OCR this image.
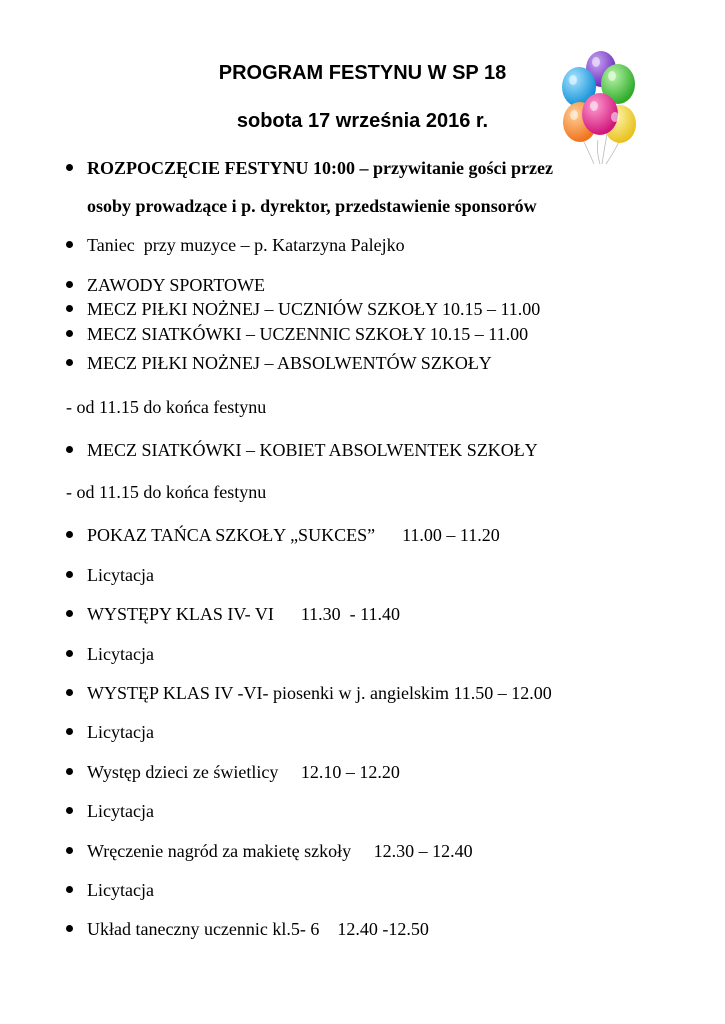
PROGRAM FESTYNU W SP 18
sobota 17 września 2016 r.
ROZPOCZĘCIE FESTYNU 10:00 – przywitanie gości przez
osoby prowadzące i p. dyrektor, przedstawienie sponsorów
Taniec  przy muzyce – p. Katarzyna Palejko
ZAWODY SPORTOWE
MECZ PIŁKI NOŻNEJ – UCZNIÓW SZKOŁY 10.15 – 11.00
MECZ SIATKÓWKI – UCZENNIC SZKOŁY 10.15 – 11.00
MECZ PIŁKI NOŻNEJ – ABSOLWENTÓW SZKOŁY
- od 11.15 do końca festynu
MECZ SIATKÓWKI – KOBIET ABSOLWENTEK SZKOŁY
- od 11.15 do końca festynu
POKAZ TAŃCA SZKOŁY „SUKCES”      11.00 – 11.20
Licytacja
WYSTĘPY KLAS IV- VI      11.30  - 11.40
Licytacja
WYSTĘP KLAS IV -VI- piosenki w j. angielskim 11.50 – 12.00
Licytacja
Występ dzieci ze świetlicy     12.10 – 12.20
Licytacja
Wręczenie nagród za makietę szkoły     12.30 – 12.40
Licytacja
Układ taneczny uczennic kl.5- 6    12.40 -12.50
